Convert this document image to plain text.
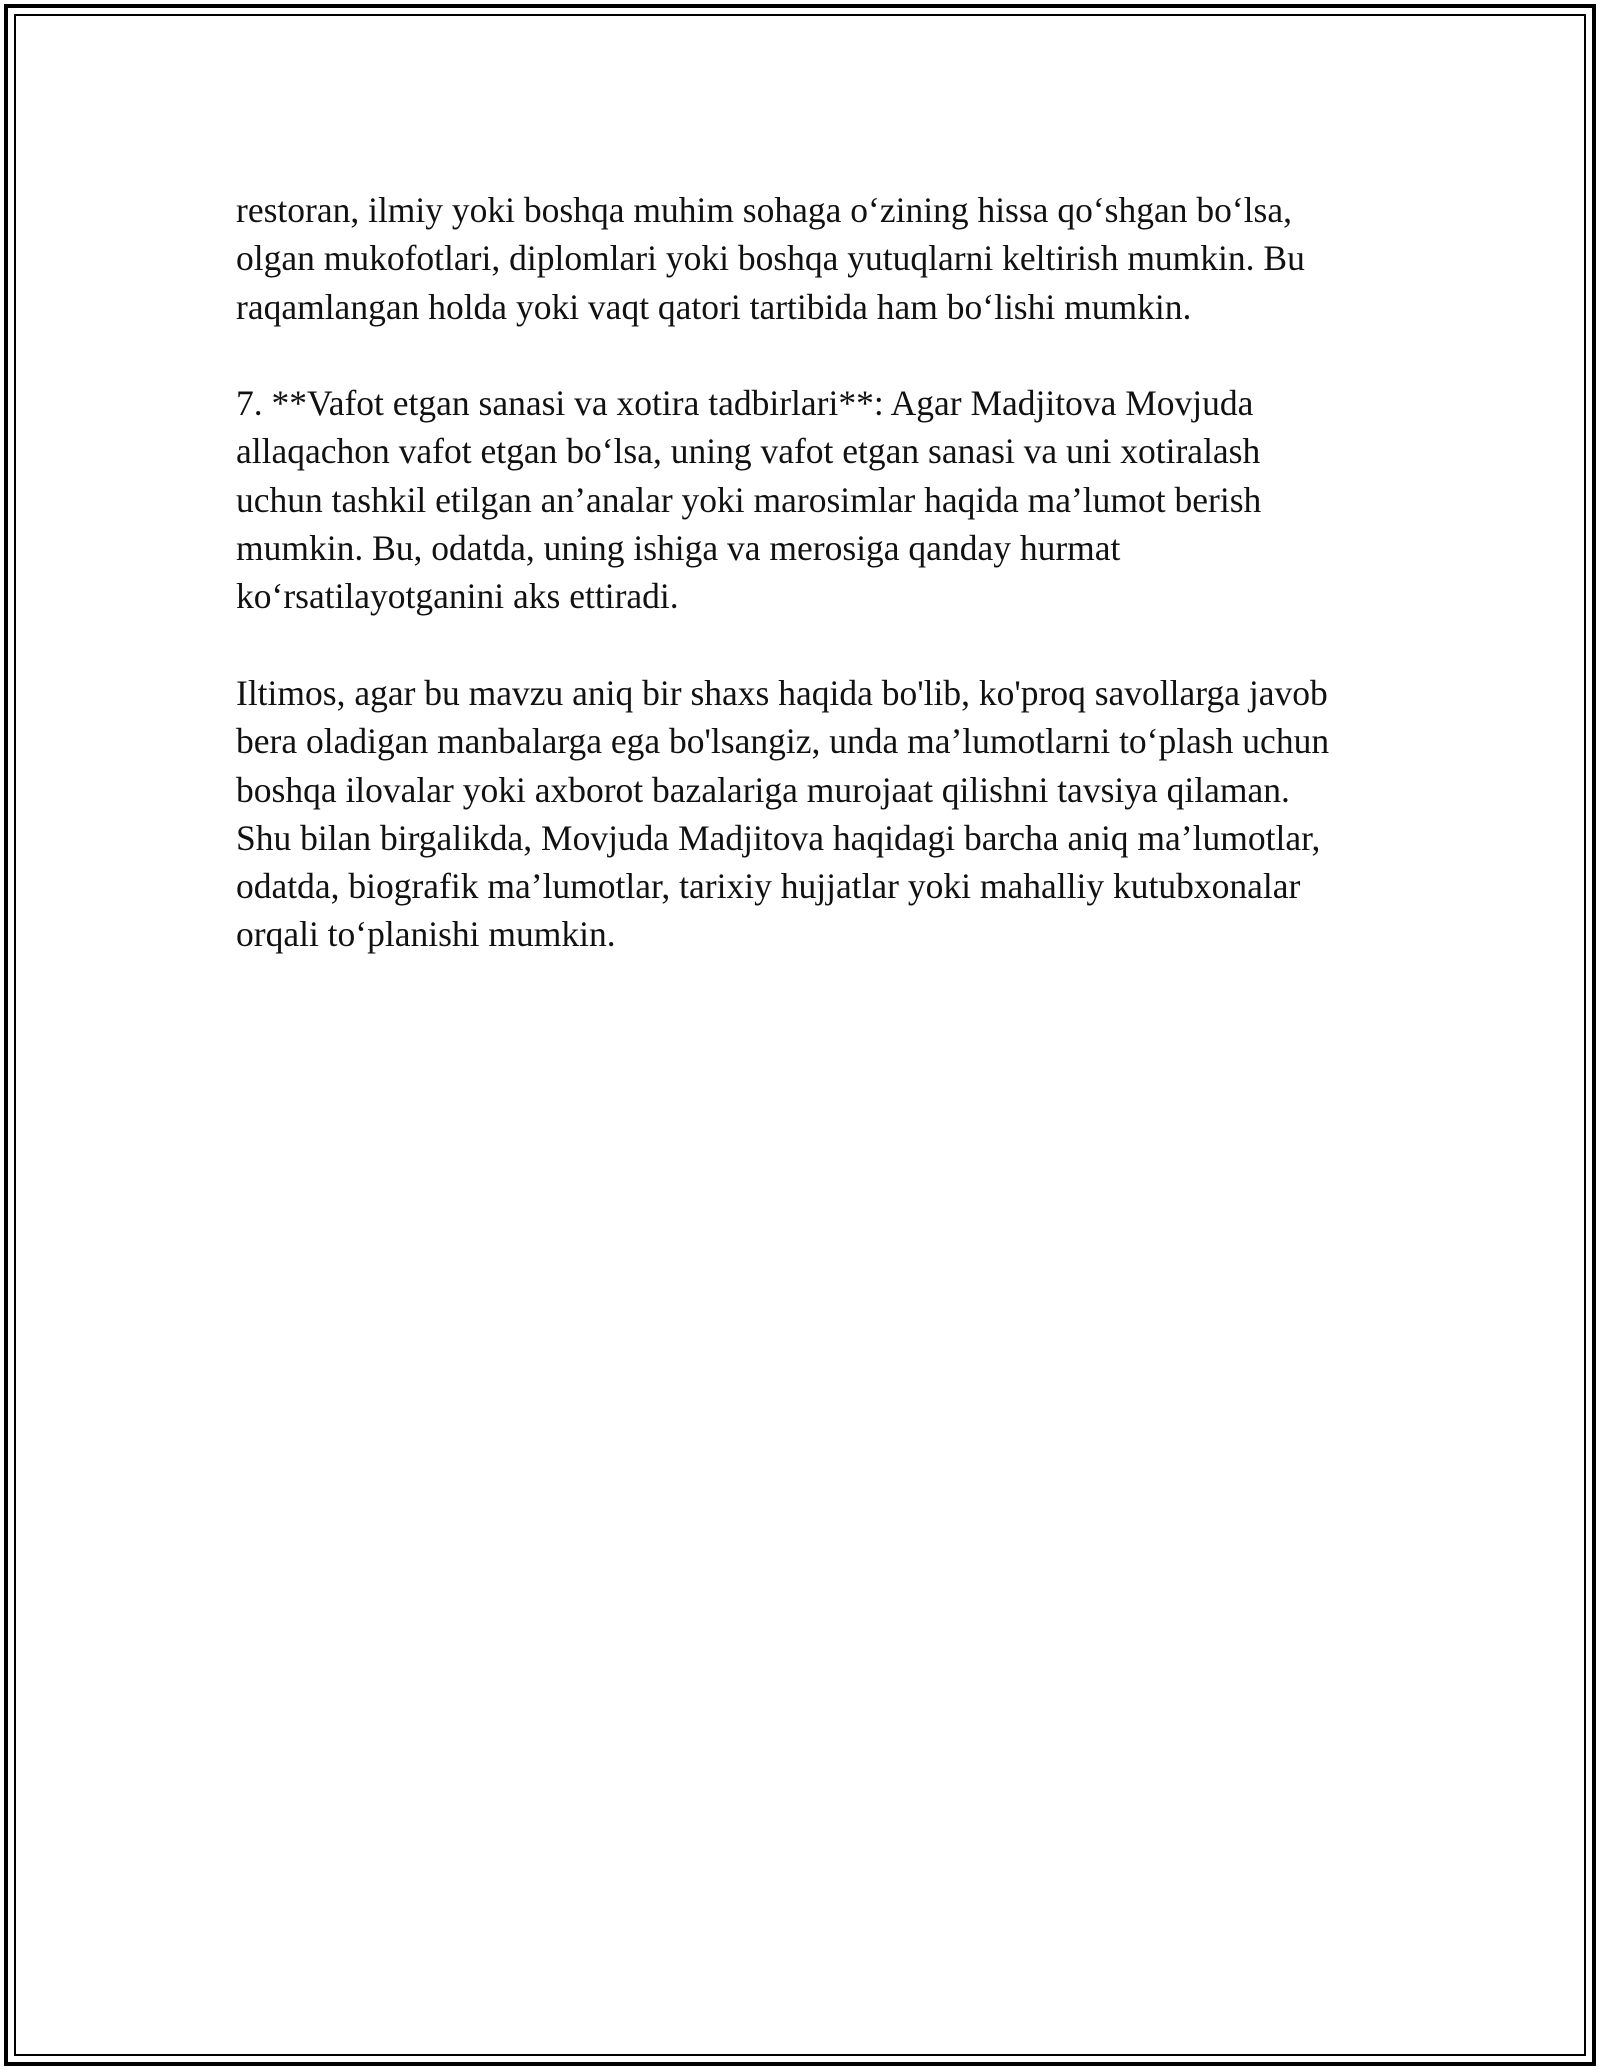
restoran, ilmiy yoki boshqa muhim sohaga o‘zining hissa qo‘shgan bo‘lsa,
olgan mukofotlari, diplomlari yoki boshqa yutuqlarni keltirish mumkin. Bu
raqamlangan holda yoki vaqt qatori tartibida ham bo‘lishi mumkin.

7. **Vafot etgan sanasi va xotira tadbirlari**: Agar Madjitova Movjuda
allaqachon vafot etgan bo‘lsa, uning vafot etgan sanasi va uni xotiralash
uchun tashkil etilgan an’analar yoki marosimlar haqida ma’lumot berish
mumkin. Bu, odatda, uning ishiga va merosiga qanday hurmat
ko‘rsatilayotganini aks ettiradi.

Iltimos, agar bu mavzu aniq bir shaxs haqida bo'lib, ko'proq savollarga javob
bera oladigan manbalarga ega bo'lsangiz, unda ma’lumotlarni to‘plash uchun
boshqa ilovalar yoki axborot bazalariga murojaat qilishni tavsiya qilaman.
Shu bilan birgalikda, Movjuda Madjitova haqidagi barcha aniq ma’lumotlar,
odatda, biografik ma’lumotlar, tarixiy hujjatlar yoki mahalliy kutubxonalar
orqali to‘planishi mumkin.
